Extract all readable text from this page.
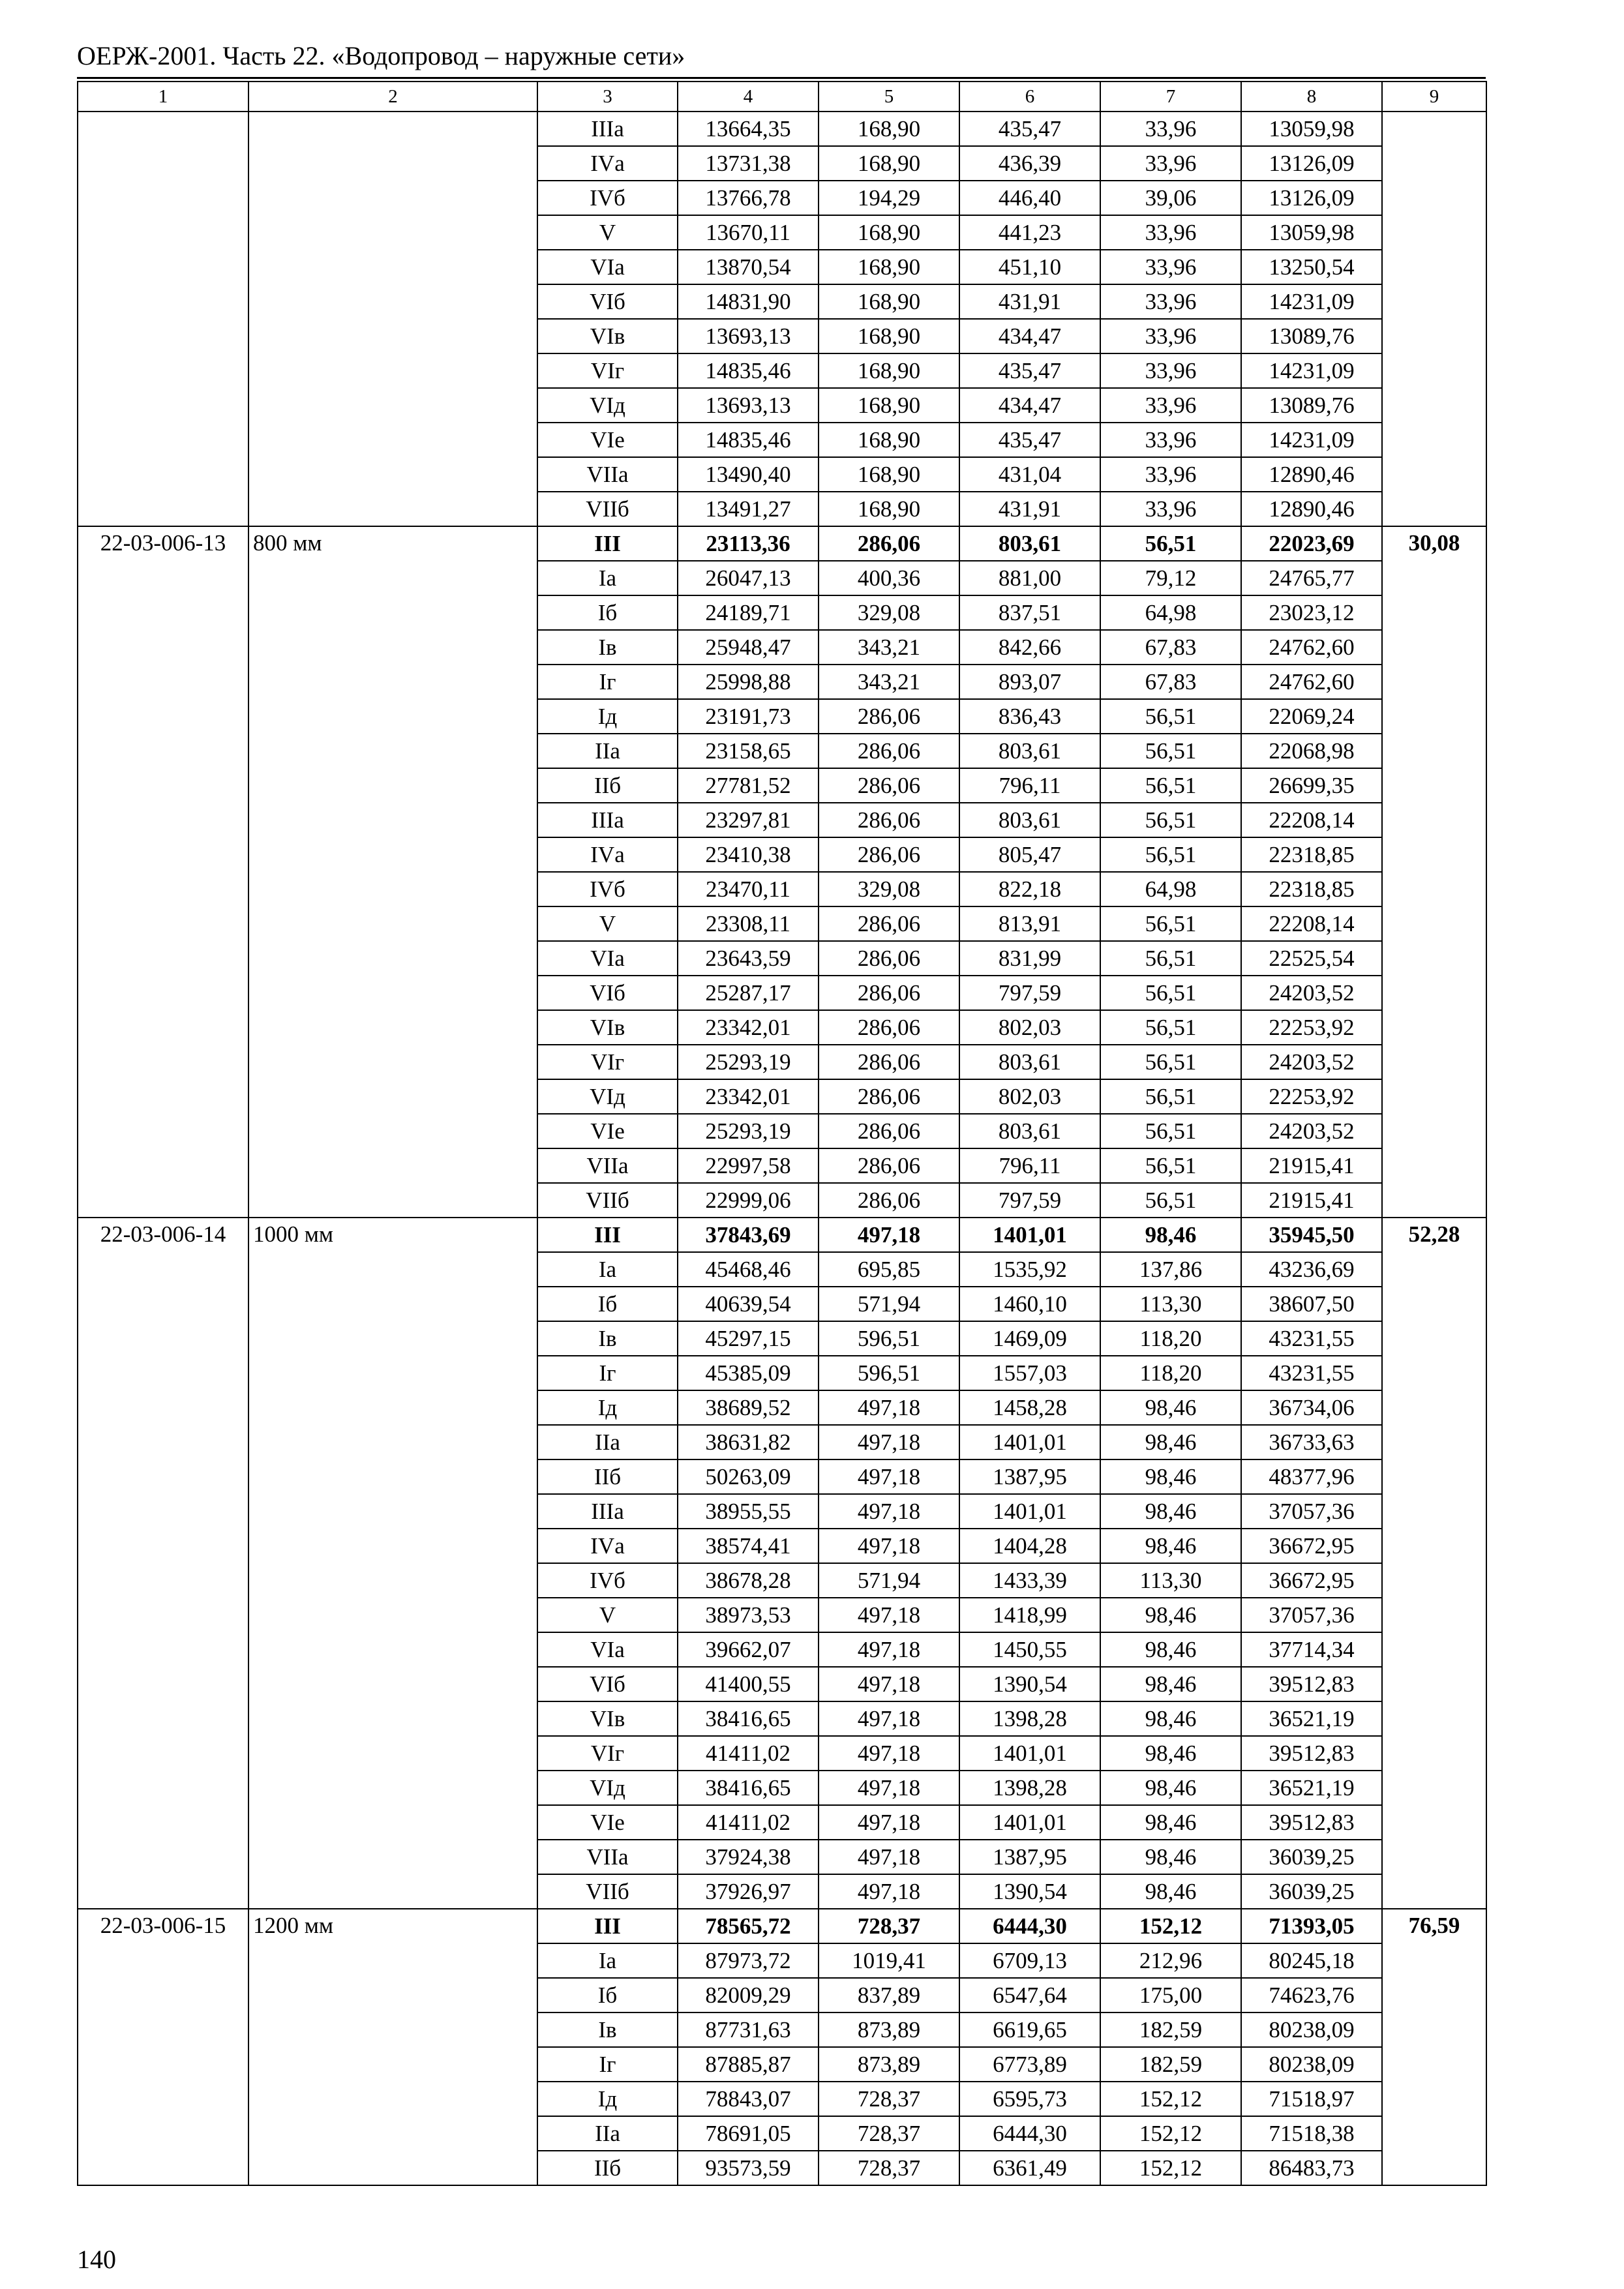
ОЕРЖ-2001. Часть 22. «Водопровод – наружные сети»
1	2	3	4	5	6	7	8	9
		IIIа	13664,35	168,90	435,47	33,96	13059,98	
		IVа	13731,38	168,90	436,39	33,96	13126,09	
		IVб	13766,78	194,29	446,40	39,06	13126,09	
		V	13670,11	168,90	441,23	33,96	13059,98	
		VIа	13870,54	168,90	451,10	33,96	13250,54	
		VIб	14831,90	168,90	431,91	33,96	14231,09	
		VIв	13693,13	168,90	434,47	33,96	13089,76	
		VIг	14835,46	168,90	435,47	33,96	14231,09	
		VIд	13693,13	168,90	434,47	33,96	13089,76	
		VIе	14835,46	168,90	435,47	33,96	14231,09	
		VIIа	13490,40	168,90	431,04	33,96	12890,46	
		VIIб	13491,27	168,90	431,91	33,96	12890,46	
22-03-006-13	800 мм	III	23113,36	286,06	803,61	56,51	22023,69	30,08
		Iа	26047,13	400,36	881,00	79,12	24765,77	
		Iб	24189,71	329,08	837,51	64,98	23023,12	
		Iв	25948,47	343,21	842,66	67,83	24762,60	
		Iг	25998,88	343,21	893,07	67,83	24762,60	
		Iд	23191,73	286,06	836,43	56,51	22069,24	
		IIа	23158,65	286,06	803,61	56,51	22068,98	
		IIб	27781,52	286,06	796,11	56,51	26699,35	
		IIIа	23297,81	286,06	803,61	56,51	22208,14	
		IVа	23410,38	286,06	805,47	56,51	22318,85	
		IVб	23470,11	329,08	822,18	64,98	22318,85	
		V	23308,11	286,06	813,91	56,51	22208,14	
		VIа	23643,59	286,06	831,99	56,51	22525,54	
		VIб	25287,17	286,06	797,59	56,51	24203,52	
		VIв	23342,01	286,06	802,03	56,51	22253,92	
		VIг	25293,19	286,06	803,61	56,51	24203,52	
		VIд	23342,01	286,06	802,03	56,51	22253,92	
		VIе	25293,19	286,06	803,61	56,51	24203,52	
		VIIа	22997,58	286,06	796,11	56,51	21915,41	
		VIIб	22999,06	286,06	797,59	56,51	21915,41	
22-03-006-14	1000 мм	III	37843,69	497,18	1401,01	98,46	35945,50	52,28
		Iа	45468,46	695,85	1535,92	137,86	43236,69	
		Iб	40639,54	571,94	1460,10	113,30	38607,50	
		Iв	45297,15	596,51	1469,09	118,20	43231,55	
		Iг	45385,09	596,51	1557,03	118,20	43231,55	
		Iд	38689,52	497,18	1458,28	98,46	36734,06	
		IIа	38631,82	497,18	1401,01	98,46	36733,63	
		IIб	50263,09	497,18	1387,95	98,46	48377,96	
		IIIа	38955,55	497,18	1401,01	98,46	37057,36	
		IVа	38574,41	497,18	1404,28	98,46	36672,95	
		IVб	38678,28	571,94	1433,39	113,30	36672,95	
		V	38973,53	497,18	1418,99	98,46	37057,36	
		VIа	39662,07	497,18	1450,55	98,46	37714,34	
		VIб	41400,55	497,18	1390,54	98,46	39512,83	
		VIв	38416,65	497,18	1398,28	98,46	36521,19	
		VIг	41411,02	497,18	1401,01	98,46	39512,83	
		VIд	38416,65	497,18	1398,28	98,46	36521,19	
		VIе	41411,02	497,18	1401,01	98,46	39512,83	
		VIIа	37924,38	497,18	1387,95	98,46	36039,25	
		VIIб	37926,97	497,18	1390,54	98,46	36039,25	
22-03-006-15	1200 мм	III	78565,72	728,37	6444,30	152,12	71393,05	76,59
		Iа	87973,72	1019,41	6709,13	212,96	80245,18	
		Iб	82009,29	837,89	6547,64	175,00	74623,76	
		Iв	87731,63	873,89	6619,65	182,59	80238,09	
		Iг	87885,87	873,89	6773,89	182,59	80238,09	
		Iд	78843,07	728,37	6595,73	152,12	71518,97	
		IIа	78691,05	728,37	6444,30	152,12	71518,38	
		IIб	93573,59	728,37	6361,49	152,12	86483,73	
140
